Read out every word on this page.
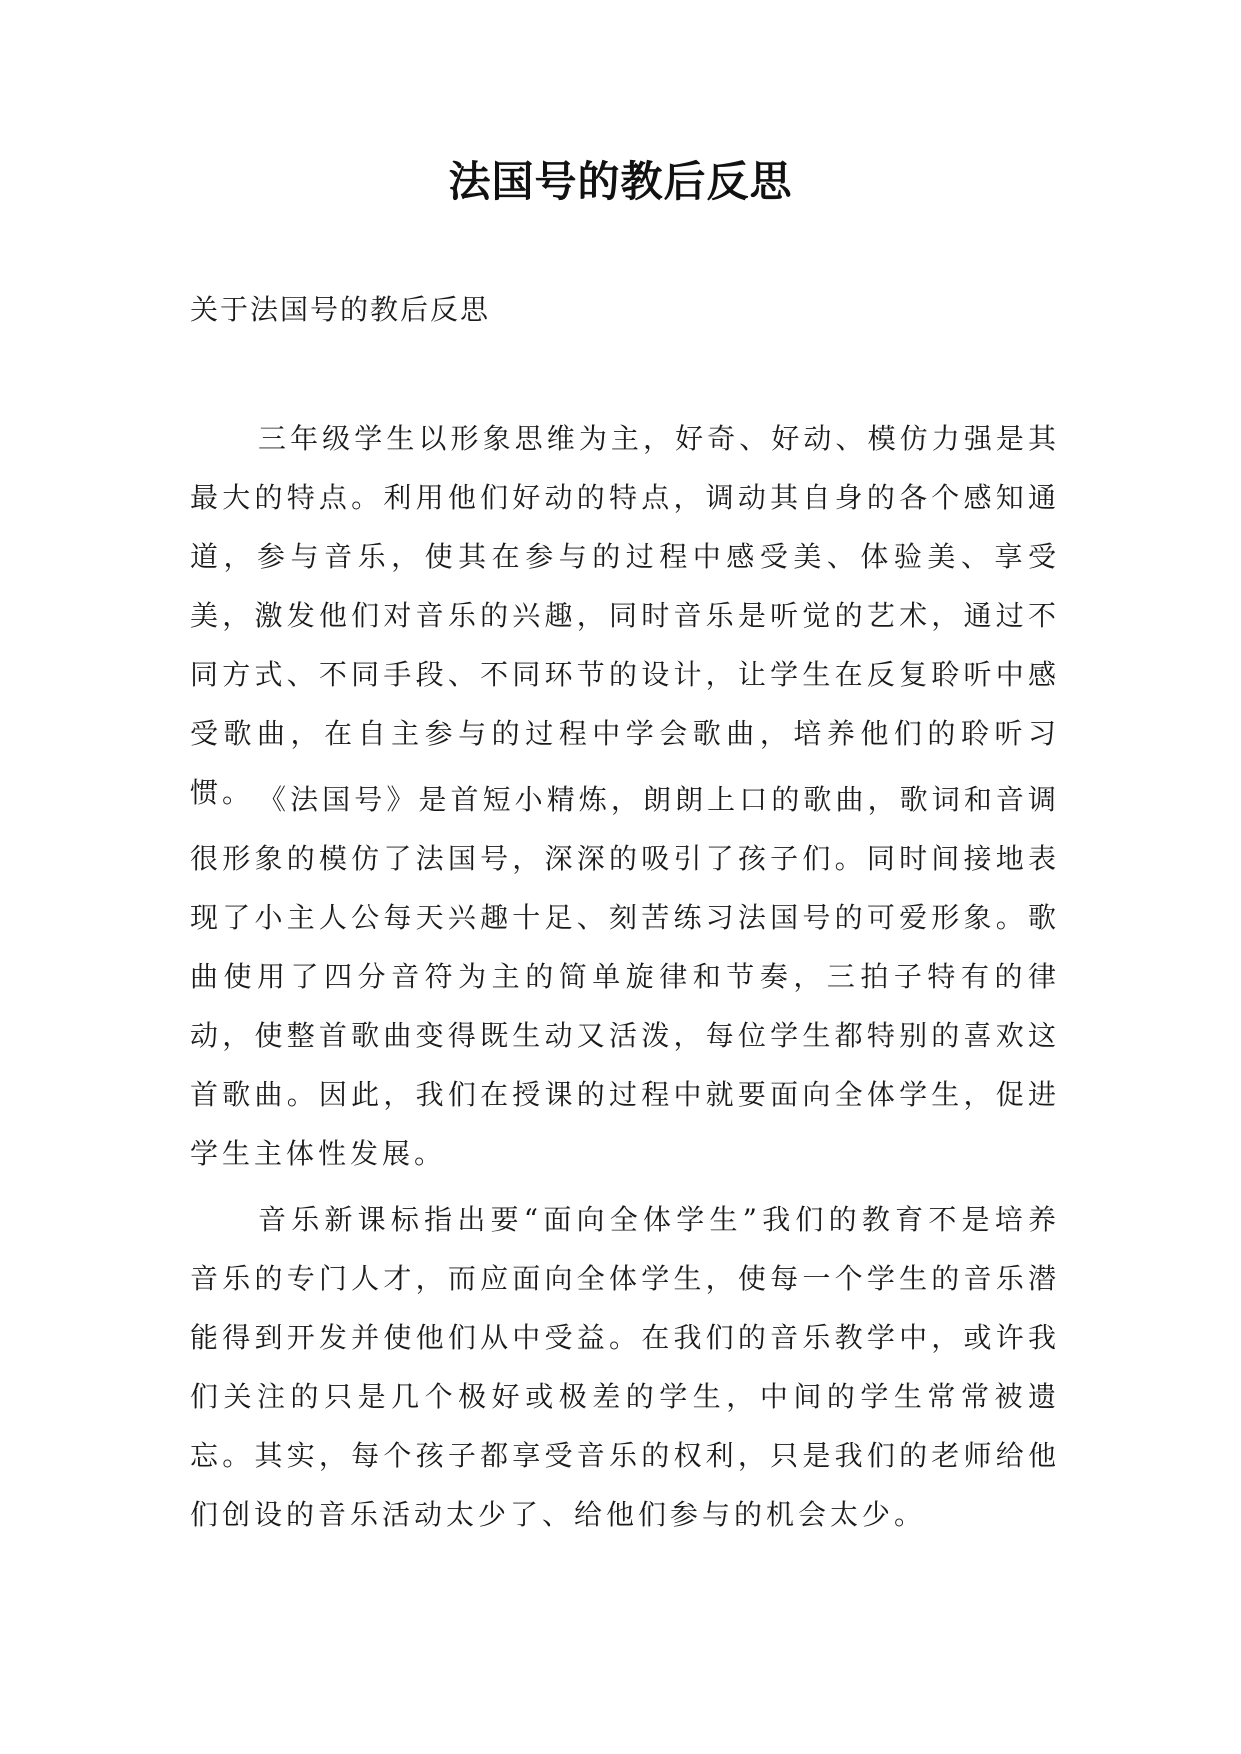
法国号的教后反思

关于法国号的教后反思

三年级学生以形象思维为主，好奇、好动、模仿力强是其最大的特点。利用他们好动的特点，调动其自身的各个感知通道，参与音乐，使其在参与的过程中感受美、体验美、享受美，激发他们对音乐的兴趣，同时音乐是听觉的艺术，通过不同方式、不同手段、不同环节的设计，让学生在反复聆听中感受歌曲，在自主参与的过程中学会歌曲，培养他们的聆听习惯。 《法国号》是首短小精炼，朗朗上口的歌曲，歌词和音调很形象的模仿了法国号，深深的吸引了孩子们。同时间接地表现了小主人公每天兴趣十足、刻苦练习法国号的可爱形象。歌曲使用了四分音符为主的简单旋律和节奏，三拍子特有的律动，使整首歌曲变得既生动又活泼，每位学生都特别的喜欢这首歌曲。因此，我们在授课的过程中就要面向全体学生，促进学生主体性发展。

音乐新课标指出要“面向全体学生”我们的教育不是培养音乐的专门人才，而应面向全体学生，使每一个学生的音乐潜能得到开发并使他们从中受益。在我们的音乐教学中，或许我们关注的只是几个极好或极差的学生，中间的学生常常被遗忘。其实，每个孩子都享受音乐的权利，只是我们的老师给他们创设的音乐活动太少了、给他们参与的机会太少。
